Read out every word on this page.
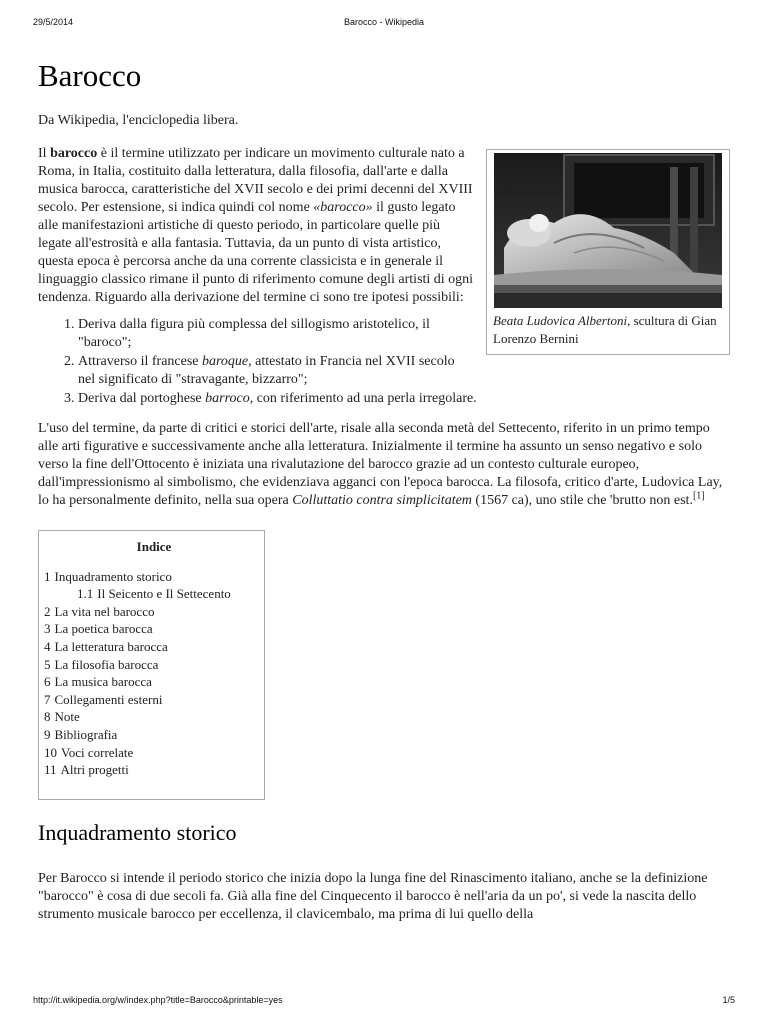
29/5/2014	Barocco - Wikipedia
Barocco

Da Wikipedia, l'enciclopedia libera.

Beata Ludovica Albertoni, scultura di Gian Lorenzo Bernini

Il barocco è il termine utilizzato per indicare un movimento culturale nato a Roma, in Italia, costituito dalla letteratura, dalla filosofia, dall'arte e dalla musica barocca, caratteristiche del XVII secolo e dei primi decenni del XVIII secolo. Per estensione, si indica quindi col nome «barocco» il gusto legato alle manifestazioni artistiche di questo periodo, in particolare quelle più legate all'estrosità e alla fantasia. Tuttavia, da un punto di vista artistico, questa epoca è percorsa anche da una corrente classicista e in generale il linguaggio classico rimane il punto di riferimento comune degli artisti di ogni tendenza. Riguardo alla derivazione del termine ci sono tre ipotesi possibili:

1. Deriva dalla figura più complessa del sillogismo aristotelico, il "baroco";
2. Attraverso il francese baroque, attestato in Francia nel XVII secolo nel significato di "stravagante, bizzarro";
3. Deriva dal portoghese barroco, con riferimento ad una perla irregolare.

L'uso del termine, da parte di critici e storici dell'arte, risale alla seconda metà del Settecento, riferito in un primo tempo alle arti figurative e successivamente anche alla letteratura. Inizialmente il termine ha assunto un senso negativo e solo verso la fine dell'Ottocento è iniziata una rivalutazione del barocco grazie ad un contesto culturale europeo, dall'impressionismo al simbolismo, che evidenziava agganci con l'epoca barocca. La filosofa, critico d'arte, Ludovica Lay, lo ha personalmente definito, nella sua opera Colluttatio contra simplicitatem (1567 ca), uno stile che 'brutto non est.[1]

Indice
1 Inquadramento storico
1.1 Il Seicento e Il Settecento
2 La vita nel barocco
3 La poetica barocca
4 La letteratura barocca
5 La filosofia barocca
6 La musica barocca
7 Collegamenti esterni
8 Note
9 Bibliografia
10 Voci correlate
11 Altri progetti
Inquadramento storico

Per Barocco si intende il periodo storico che inizia dopo la lunga fine del Rinascimento italiano, anche se la definizione "barocco" è cosa di due secoli fa. Già alla fine del Cinquecento il barocco è nell'aria da un po', si vede la nascita dello strumento musicale barocco per eccellenza, il clavicembalo, ma prima di lui quello della

http://it.wikipedia.org/w/index.php?title=Barocco&printable=yes	1/5
